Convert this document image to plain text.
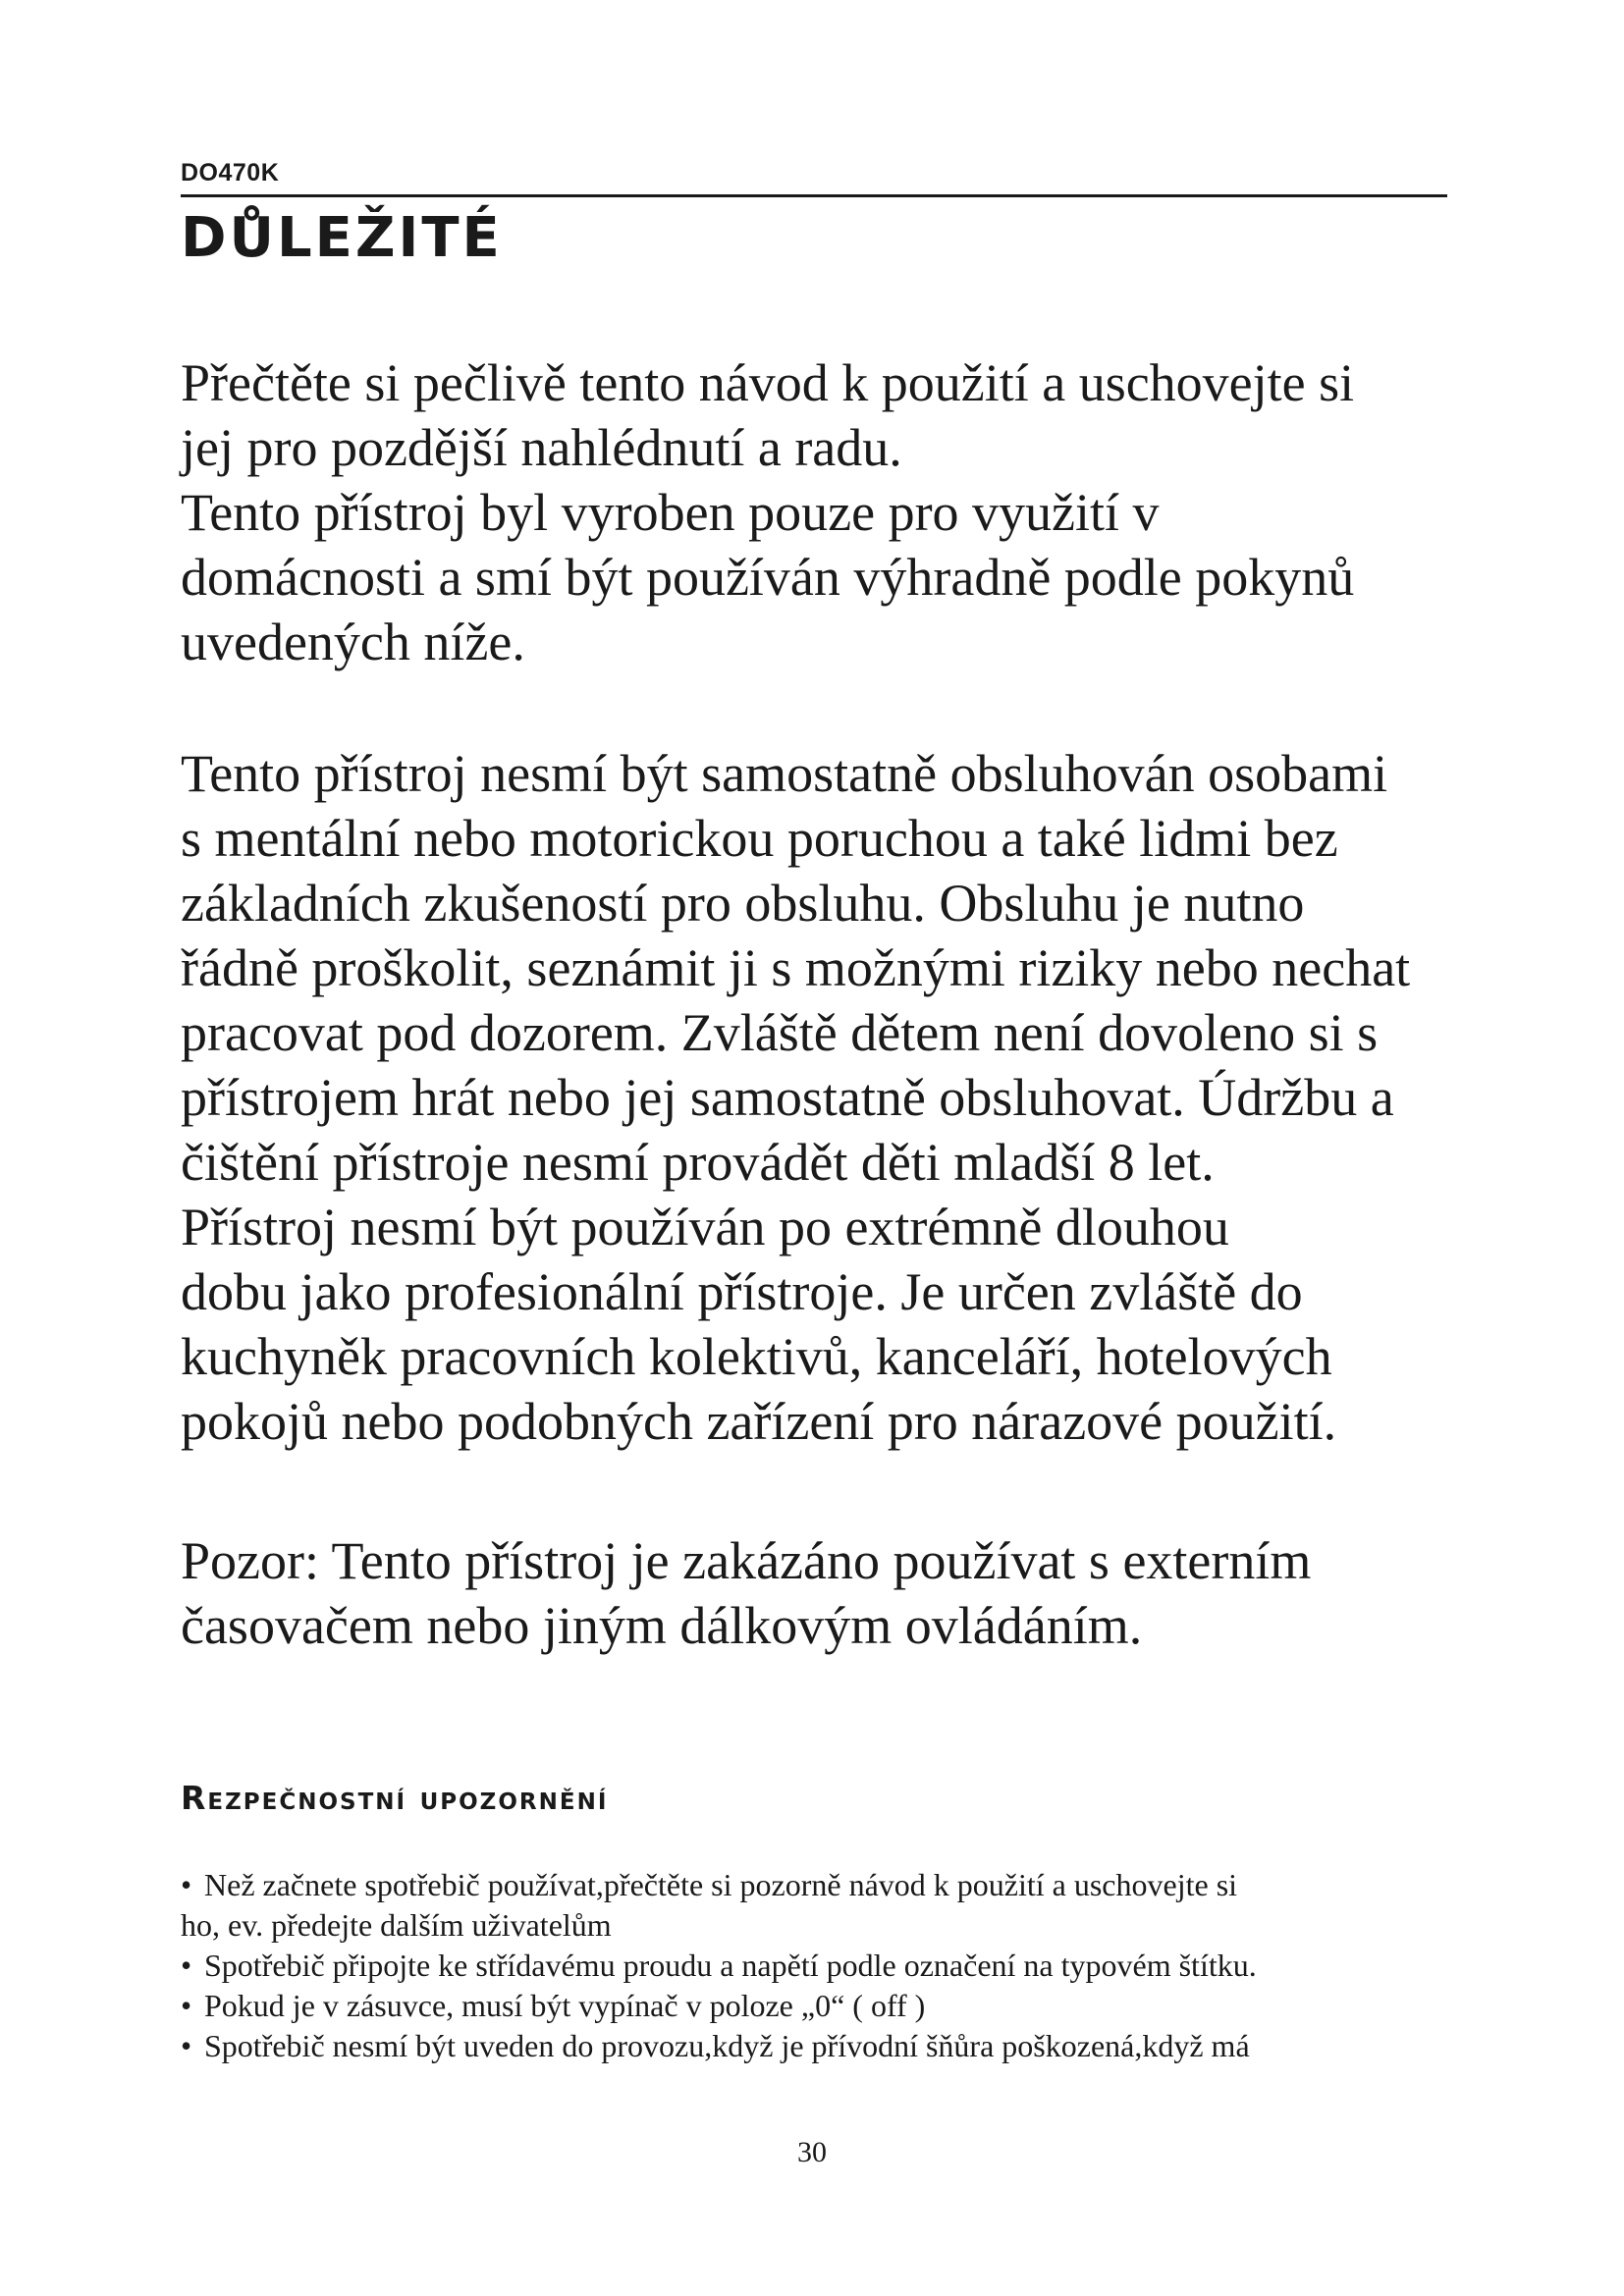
DO470K
DŮLEŽITÉ

Přečtěte si pečlivě tento návod k použití a uschovejte si

jej pro pozdější nahlédnutí a radu.

Tento přístroj byl vyroben pouze pro využití v

domácnosti a smí být používán výhradně podle pokynů

uvedených níže.

Tento přístroj nesmí být samostatně obsluhován osobami

s mentální nebo motorickou poruchou a také lidmi bez

základních zkušeností pro obsluhu. Obsluhu je nutno

řádně proškolit, seznámit ji s možnými riziky nebo nechat

pracovat pod dozorem. Zvláště dětem není dovoleno si s

přístrojem hrát nebo jej samostatně obsluhovat. Údržbu a

čištění přístroje nesmí provádět děti mladší 8 let.

Přístroj nesmí být používán po extrémně dlouhou

dobu jako profesionální přístroje. Je určen zvláště do

kuchyněk pracovních kolektivů, kanceláří, hotelových

pokojů nebo podobných zařízení pro nárazové použití.

Pozor: Tento přístroj je zakázáno používat s externím

časovačem nebo jiným dálkovým ovládáním.

Rezpečnostní upozornění
• Než začnete spotřebič používat,přečtěte si pozorně návod k použití a uschovejte si
ho, ev. předejte dalším uživatelům
• Spotřebič připojte ke střídavému proudu a napětí podle označení na typovém štítku.
• Pokud je v zásuvce, musí být vypínač v poloze „0“ ( off )
• Spotřebič nesmí být uveden do provozu,když je přívodní šňůra poškozená,když má
30
